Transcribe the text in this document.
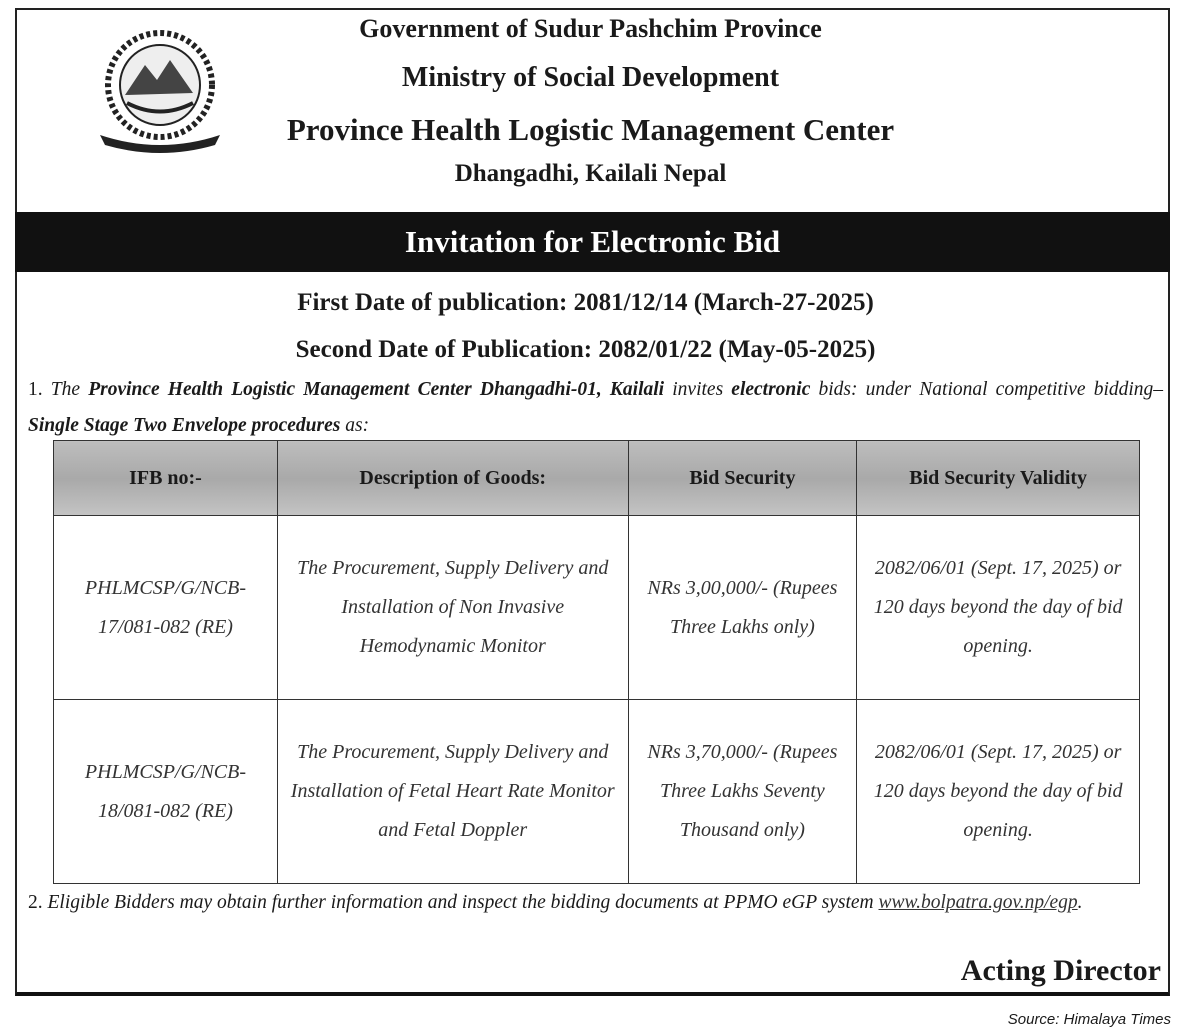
Government of Sudur Pashchim Province
Ministry of Social Development
Province Health Logistic Management Center
Dhangadhi, Kailali Nepal
Invitation for Electronic Bid
First Date of publication: 2081/12/14 (March-27-2025)
Second Date of Publication: 2082/01/22 (May-05-2025)
1. The Province Health Logistic Management Center Dhangadhi-01, Kailali invites electronic bids: under National competitive bidding– Single Stage Two Envelope procedures as:
IFB no:-	Description of Goods:	Bid Security	Bid Security Validity
PHLMCSP/G/NCB-17/081-082 (RE)	The Procurement, Supply Delivery and Installation of Non Invasive Hemodynamic Monitor	NRs 3,00,000/- (Rupees Three Lakhs only)	2082/06/01 (Sept. 17, 2025) or 120 days beyond the day of bid opening.
PHLMCSP/G/NCB-18/081-082 (RE)	The Procurement, Supply Delivery and Installation of Fetal Heart Rate Monitor and Fetal Doppler	NRs 3,70,000/- (Rupees Three Lakhs Seventy Thousand only)	2082/06/01 (Sept. 17, 2025) or 120 days beyond the day of bid opening.
2. Eligible Bidders may obtain further information and inspect the bidding documents at PPMO eGP system www.bolpatra.gov.np/egp.
Acting Director
Source: Himalaya Times
